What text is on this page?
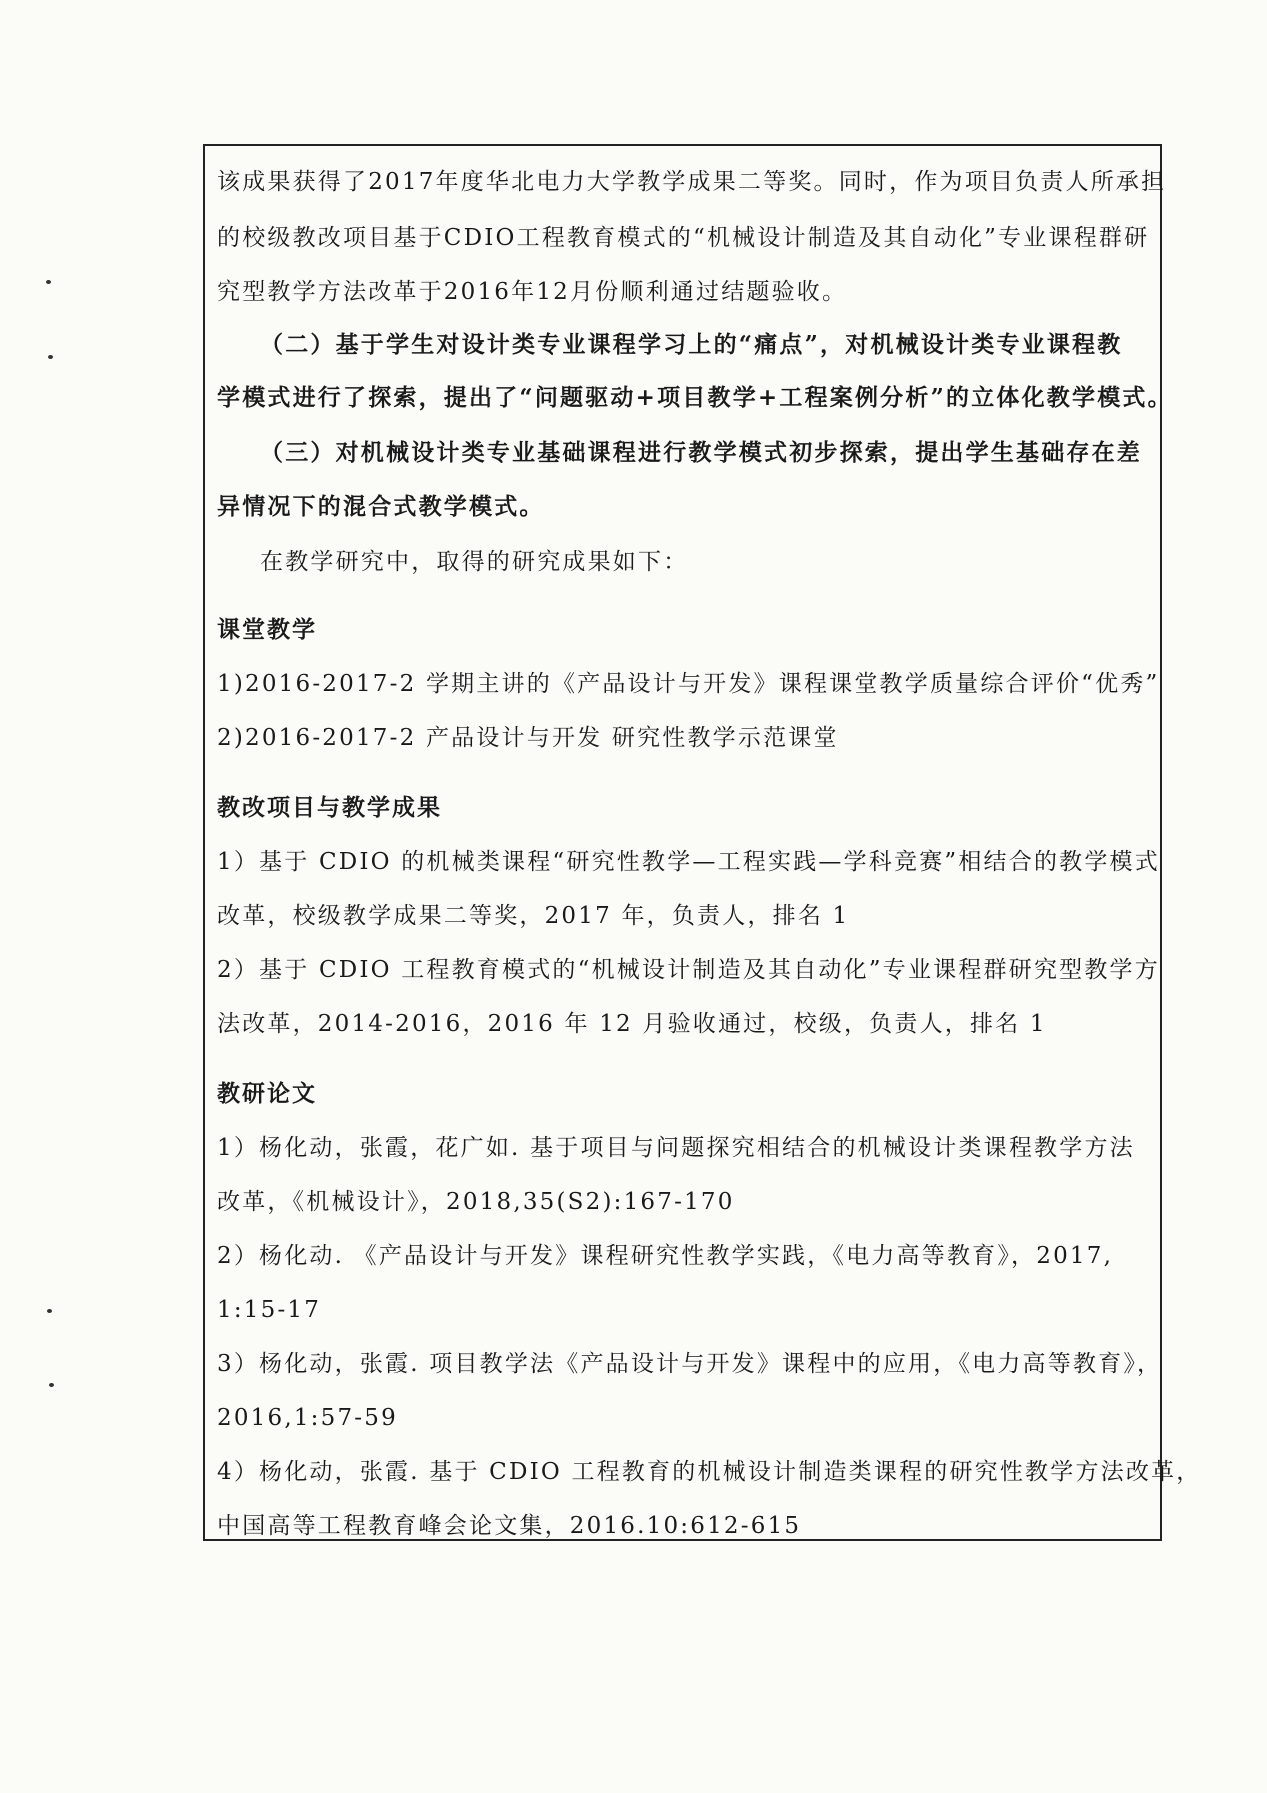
该成果获得了2017年度华北电力大学教学成果二等奖。同时，作为项目负责人所承担
的校级教改项目基于CDIO工程教育模式的“机械设计制造及其自动化”专业课程群研
究型教学方法改革于2016年12月份顺利通过结题验收。
（二）基于学生对设计类专业课程学习上的“痛点”，对机械设计类专业课程教
学模式进行了探索，提出了“问题驱动+项目教学+工程案例分析”的立体化教学模式。
（三）对机械设计类专业基础课程进行教学模式初步探索，提出学生基础存在差
异情况下的混合式教学模式。
在教学研究中，取得的研究成果如下：
课堂教学
1)2016-2017-2 学期主讲的《产品设计与开发》课程课堂教学质量综合评价“优秀”
2)2016-2017-2 产品设计与开发 研究性教学示范课堂
教改项目与教学成果
1）基于 CDIO 的机械类课程“研究性教学—工程实践—学科竞赛”相结合的教学模式
改革，校级教学成果二等奖，2017 年，负责人，排名 1
2）基于 CDIO 工程教育模式的“机械设计制造及其自动化”专业课程群研究型教学方
法改革，2014-2016，2016 年 12 月验收通过，校级，负责人，排名 1
教研论文
1）杨化动，张霞，花广如. 基于项目与问题探究相结合的机械设计类课程教学方法
改革，《机械设计》，2018,35(S2):167-170
2）杨化动. 《产品设计与开发》课程研究性教学实践，《电力高等教育》，2017,
1:15-17
3）杨化动，张霞. 项目教学法《产品设计与开发》课程中的应用，《电力高等教育》，
2016,1:57-59
4）杨化动，张霞. 基于 CDIO 工程教育的机械设计制造类课程的研究性教学方法改革，
中国高等工程教育峰会论文集，2016.10:612-615
